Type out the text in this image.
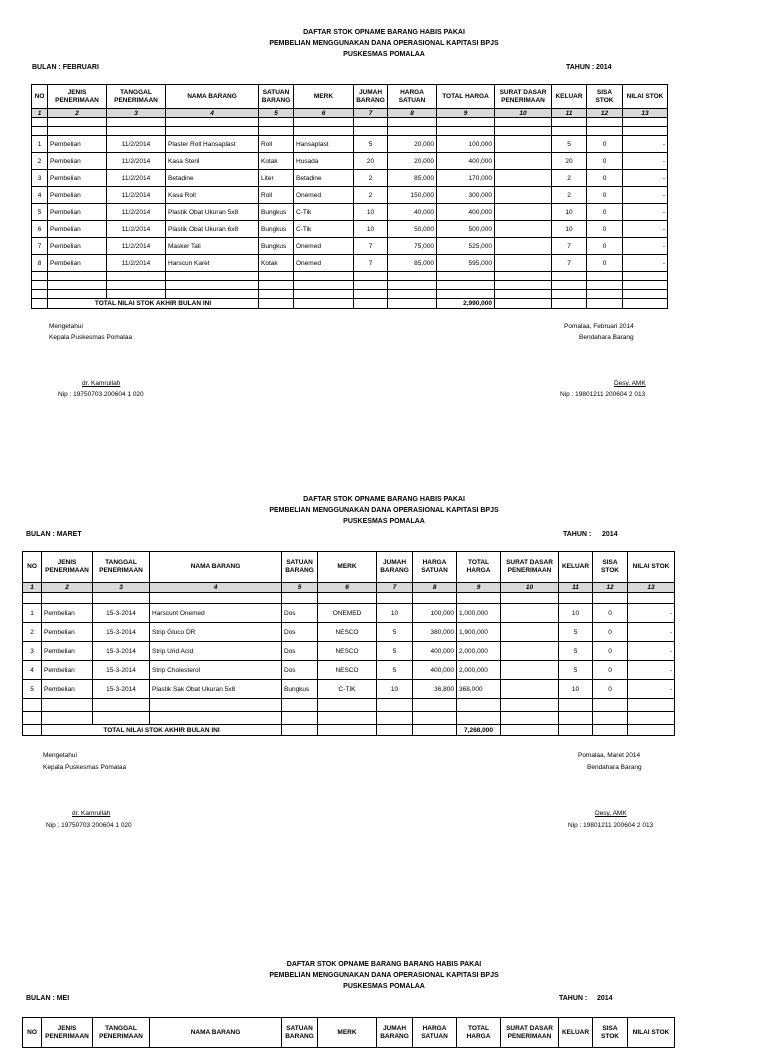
DAFTAR STOK OPNAME BARANG HABIS PAKAI
PEMBELIAN MENGGUNAKAN DANA OPERASIONAL KAPITASI BPJS
PUSKESMAS POMALAA
BULAN : FEBRUARI	TAHUN : 2014
NO	JENIS PENERIMAAN	TANGGAL PENERIMAAN	NAMA BARANG	SATUAN BARANG	MERK	JUMAH BARANG	HARGA SATUAN	TOTAL HARGA	SURAT DASAR PENERIMAAN	KELUAR	SISA STOK	NILAI STOK
1	2	3	4	5	6	7	8	9	10	11	12	13

1	Pembelian	11/2/2014	Plaster Roll Hansaplast	Roll	Hansaplast	5	20,000	100,000		5	0	-
2	Pembelian	11/2/2014	Kasa Steril	Kotak	Husada	20	20,000	400,000		20	0	-
3	Pembelian	11/2/2014	Betadine	Liter	Betadine	2	85,000	170,000		2	0	-
4	Pembelian	11/2/2014	Kasa Roll	Roll	Onemed	2	150,000	300,000		2	0	-
5	Pembelian	11/2/2014	Plastik Obat Ukuran 5x8	Bungkus	C-Tik	10	40,000	400,000		10	0	-
6	Pembelian	11/2/2014	Plastik Obat Ukuran 6x8	Bungkus	C-Tik	10	50,000	500,000		10	0	-
7	Pembelian	11/2/2014	Masker Tali	Bungkus	Onemed	7	75,000	525,000		7	0	-
8	Pembelian	11/2/2014	Harscun Karet	Kotak	Onemed	7	85,000	595,000		7	0	-

	TOTAL NILAI STOK AKHIR BULAN INI							2,990,000				
Mengetahui
Kepala Puskesmas Pomalaa
dr. Kamrullah
Nip : 19750703 200604 1 020
Pomalaa, Februari 2014
Bendahara Barang
Desy, AMK
Nip : 19801211 200604 2 013
DAFTAR STOK OPNAME BARANG HABIS PAKAI
PEMBELIAN MENGGUNAKAN DANA OPERASIONAL KAPITASI BPJS
PUSKESMAS POMALAA
BULAN : MARET	TAHUN : 2014
NO	JENIS PENERIMAAN	TANGGAL PENERIMAAN	NAMA BARANG	SATUAN BARANG	MERK	JUMAH BARANG	HARGA SATUAN	TOTAL HARGA	SURAT DASAR PENERIMAAN	KELUAR	SISA STOK	NILAI STOK
1	2	3	4	5	6	7	8	9	10	11	12	13

1	Pembelian	15-3-2014	Harscunt Onemed	Dos	ONEMED	10	100,000	1,000,000		10	0	-
2	Pembelian	15-3-2014	Strip Gluco DR	Dos	NESCO	5	380,000	1,900,000		5	0	-
3	Pembelian	15-3-2014	Strip Urid Acid	Dos	NESCO	5	400,000	2,000,000		5	0	-
4	Pembelian	15-3-2014	Strip Cholesterol	Dos	NESCO	5	400,000	2,000,000		5	0	-
5	Pembelian	15-3-2014	Plastik Sak Obat Ukuran 5x8	Bungkus	C-TIK	10	36,800	368,000		10	0	-

	TOTAL NILAI STOK AKHIR BULAN INI							7,268,000				
Mengetahui
Kepala Puskesmas Pomalaa
dr. Kamrullah
Nip : 19750703 200604 1 020
Pomalaa, Maret 2014
Bendahara Barang
Desy, AMK
Nip : 19801211 200604 2 013
DAFTAR STOK OPNAME BARANG BARANG HABIS PAKAI
PEMBELIAN MENGGUNAKAN DANA OPERASIONAL KAPITASI BPJS
PUSKESMAS POMALAA
BULAN : MEI	TAHUN : 2014
NO	JENIS PENERIMAAN	TANGGAL PENERIMAAN	NAMA BARANG	SATUAN BARANG	MERK	JUMAH BARANG	HARGA SATUAN	TOTAL HARGA	SURAT DASAR PENERIMAAN	KELUAR	SISA STOK	NILAI STOK
